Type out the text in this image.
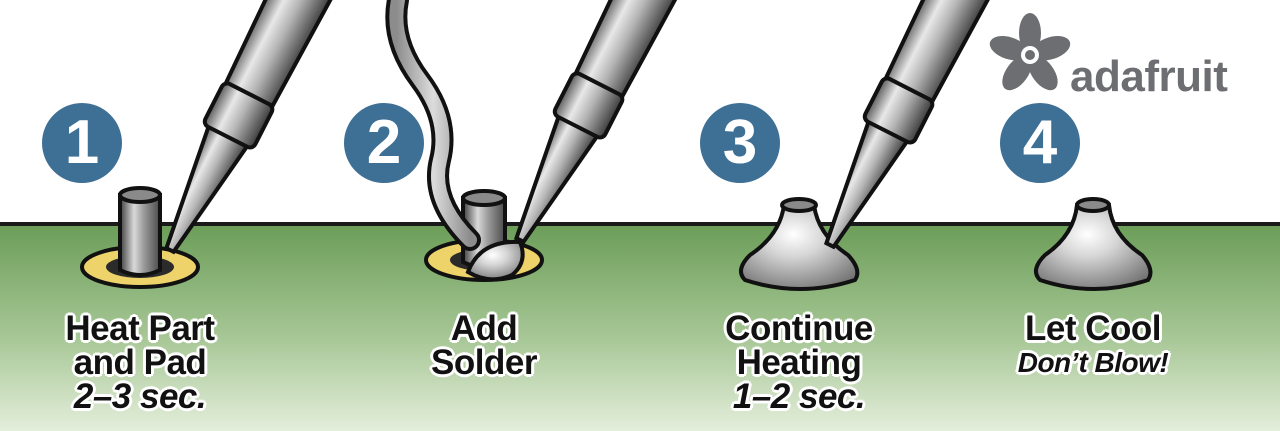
adafruit
1	2	3	4
Heat Part
and Pad
2–3 sec.
Add
Solder
Continue
Heating
1–2 sec.
Let Cool
Don’t Blow!
